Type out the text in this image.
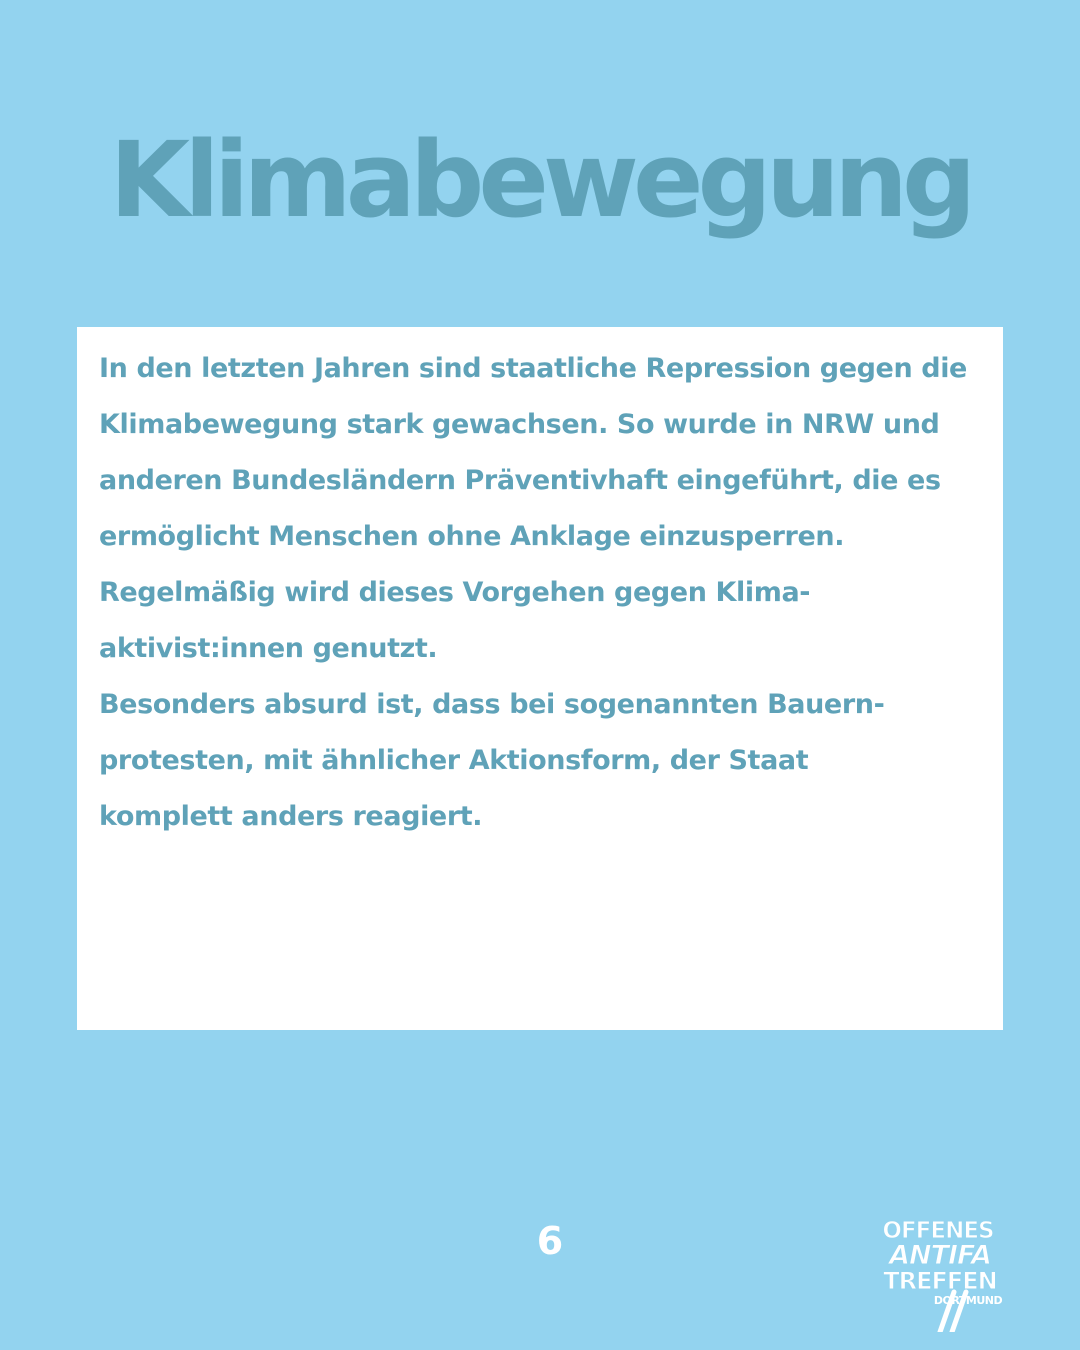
Klimabewegung

In den letzten Jahren sind staatliche Repression gegen die
Klimabewegung stark gewachsen. So wurde in NRW und
anderen Bundesländern Präventivhaft eingeführt, die es
ermöglicht Menschen ohne Anklage einzusperren.
Regelmäßig wird dieses Vorgehen gegen Klima-
aktivist:innen genutzt.
Besonders absurd ist, dass bei sogenannten Bauern-
protesten, mit ähnlicher Aktionsform, der Staat
komplett anders reagiert.

6	OFFENES
ANTIFA
TREFFEN
DORTMUND
